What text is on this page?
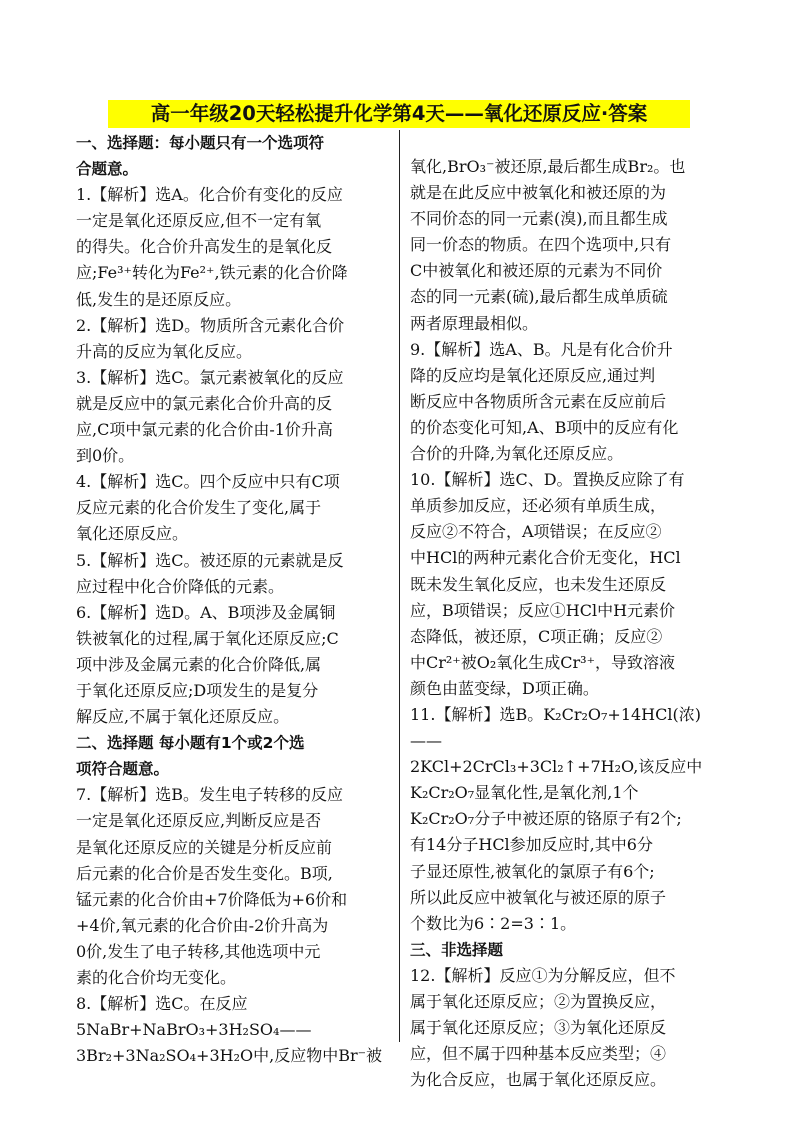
高一年级20天轻松提升化学第4天——氧化还原反应·答案
一、选择题：每小题只有一个选项符
合题意。
1.【解析】选A。化合价有变化的反应
一定是氧化还原反应,但不一定有氧
的得失。化合价升高发生的是氧化反
应;Fe³⁺转化为Fe²⁺,铁元素的化合价降
低,发生的是还原反应。
2.【解析】选D。物质所含元素化合价
升高的反应为氧化反应。
3.【解析】选C。氯元素被氧化的反应
就是反应中的氯元素化合价升高的反
应,C项中氯元素的化合价由-1价升高
到0价。
4.【解析】选C。四个反应中只有C项
反应元素的化合价发生了变化,属于
氧化还原反应。
5.【解析】选C。被还原的元素就是反
应过程中化合价降低的元素。
6.【解析】选D。A、B项涉及金属铜
铁被氧化的过程,属于氧化还原反应;C
项中涉及金属元素的化合价降低,属
于氧化还原反应;D项发生的是复分
解反应,不属于氧化还原反应。
二、选择题 每小题有1个或2个选
项符合题意。
7.【解析】选B。发生电子转移的反应
一定是氧化还原反应,判断反应是否
是氧化还原反应的关键是分析反应前
后元素的化合价是否发生变化。B项,
锰元素的化合价由+7价降低为+6价和
+4价,氧元素的化合价由-2价升高为
0价,发生了电子转移,其他选项中元
素的化合价均无变化。
8.【解析】选C。在反应
5NaBr+NaBrO₃+3H₂SO₄——
3Br₂+3Na₂SO₄+3H₂O中,反应物中Br⁻被
氧化,BrO₃⁻被还原,最后都生成Br₂。也
就是在此反应中被氧化和被还原的为
不同价态的同一元素(溴),而且都生成
同一价态的物质。在四个选项中,只有
C中被氧化和被还原的元素为不同价
态的同一元素(硫),最后都生成单质硫
两者原理最相似。
9.【解析】选A、B。凡是有化合价升
降的反应均是氧化还原反应,通过判
断反应中各物质所含元素在反应前后
的价态变化可知,A、B项中的反应有化
合价的升降,为氧化还原反应。
10.【解析】选C、D。置换反应除了有
单质参加反应，还必须有单质生成，
反应②不符合，A项错误；在反应②
中HCl的两种元素化合价无变化，HCl
既未发生氧化反应，也未发生还原反
应，B项错误；反应①HCl中H元素价
态降低，被还原，C项正确；反应②
中Cr²⁺被O₂氧化生成Cr³⁺，导致溶液
颜色由蓝变绿，D项正确。
11.【解析】选B。K₂Cr₂O₇+14HCl(浓)
——
2KCl+2CrCl₃+3Cl₂↑+7H₂O,该反应中
K₂Cr₂O₇显氧化性,是氧化剂,1个
K₂Cr₂O₇分子中被还原的铬原子有2个;
有14分子HCl参加反应时,其中6分
子显还原性,被氧化的氯原子有6个;
所以此反应中被氧化与被还原的原子
个数比为6∶2=3∶1。
三、非选择题
12.【解析】反应①为分解反应，但不
属于氧化还原反应；②为置换反应，
属于氧化还原反应；③为氧化还原反
应，但不属于四种基本反应类型；④
为化合反应，也属于氧化还原反应。
